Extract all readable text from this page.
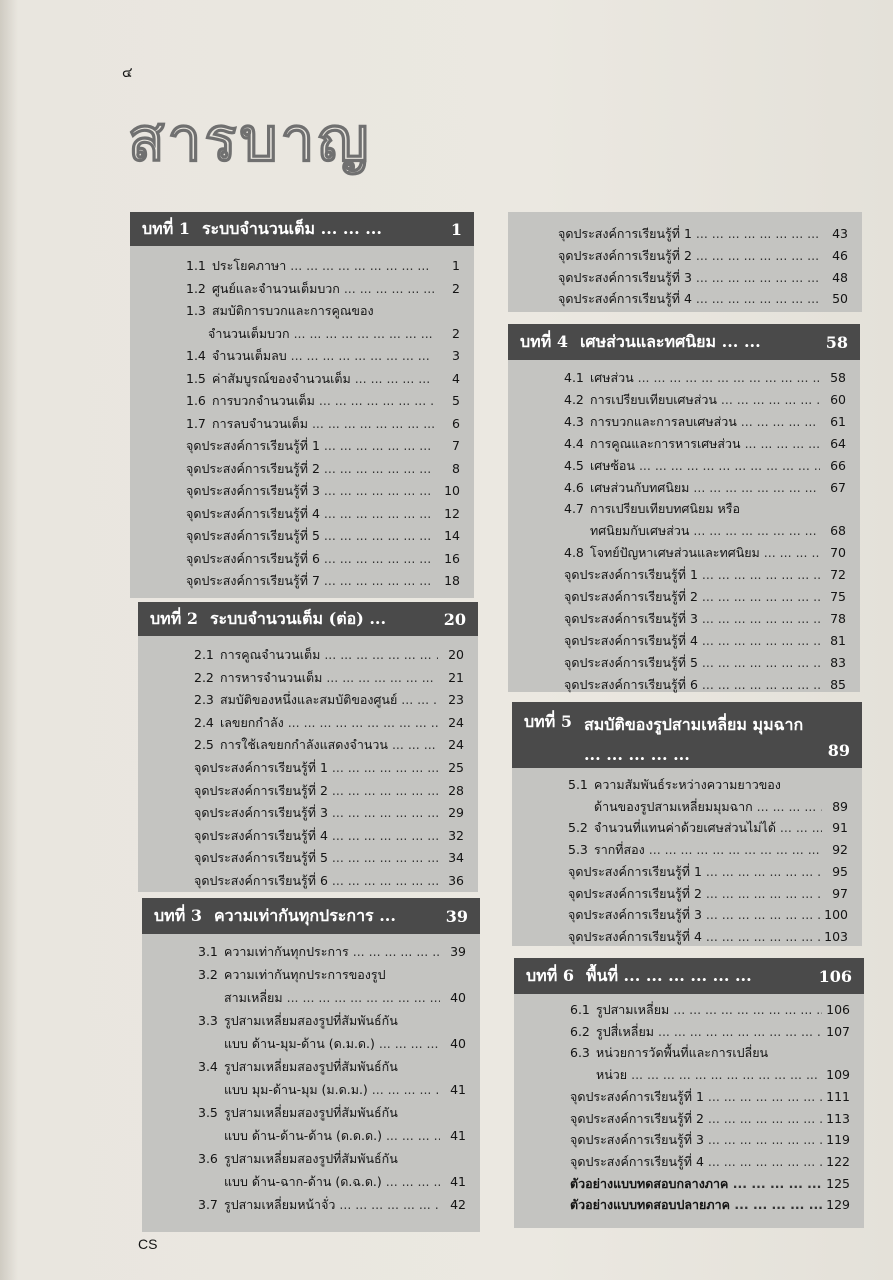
๔
สารบาญ
CS
บทที่ 1 ระบบจำนวนเต็ม ... ... ...	1
1.1 ประโยคภาษา ... .	1
1.2 ศูนย์และจำนวนเต็มบวก ... .	2
1.3 สมบัติการบวกและการคูณของ
จำนวนเต็มบวก ... .	2
1.4 จำนวนเต็มลบ ... .	3
1.5 ค่าสัมบูรณ์ของจำนวนเต็ม ... .	4
1.6 การบวกจำนวนเต็ม ... .	5
1.7 การลบจำนวนเต็ม ... .	6
จุดประสงค์การเรียนรู้ที่ 1 ... .	7
จุดประสงค์การเรียนรู้ที่ 2 ... .	8
จุดประสงค์การเรียนรู้ที่ 3 ... .	10
จุดประสงค์การเรียนรู้ที่ 4 ... .	12
จุดประสงค์การเรียนรู้ที่ 5 ... .	14
จุดประสงค์การเรียนรู้ที่ 6 ... .	16
จุดประสงค์การเรียนรู้ที่ 7 ... .	18
บทที่ 2 ระบบจำนวนเต็ม (ต่อ) ...	20
2.1 การคูณจำนวนเต็ม ... .	20
2.2 การหารจำนวนเต็ม ... .	21
2.3 สมบัติของหนึ่งและสมบัติของศูนย์ ... .	23
2.4 เลขยกกำลัง ... .	24
2.5 การใช้เลขยกกำลังแสดงจำนวน ... .	24
จุดประสงค์การเรียนรู้ที่ 1 ... .	25
จุดประสงค์การเรียนรู้ที่ 2 ... .	28
จุดประสงค์การเรียนรู้ที่ 3 ... .	29
จุดประสงค์การเรียนรู้ที่ 4 ... .	32
จุดประสงค์การเรียนรู้ที่ 5 ... .	34
จุดประสงค์การเรียนรู้ที่ 6 ... .	36
บทที่ 3 ความเท่ากันทุกประการ ...	39
3.1 ความเท่ากันทุกประการ ... .	39
3.2 ความเท่ากันทุกประการของรูป
สามเหลี่ยม ... .	40
3.3 รูปสามเหลี่ยมสองรูปที่สัมพันธ์กัน
แบบ ด้าน-มุม-ด้าน (ด.ม.ด.) ... .	40
3.4 รูปสามเหลี่ยมสองรูปที่สัมพันธ์กัน
แบบ มุม-ด้าน-มุม (ม.ด.ม.) ... .	41
3.5 รูปสามเหลี่ยมสองรูปที่สัมพันธ์กัน
แบบ ด้าน-ด้าน-ด้าน (ด.ด.ด.) ... .	41
3.6 รูปสามเหลี่ยมสองรูปที่สัมพันธ์กัน
แบบ ด้าน-ฉาก-ด้าน (ด.ฉ.ด.) ... .	41
3.7 รูปสามเหลี่ยมหน้าจั่ว ... .	42
จุดประสงค์การเรียนรู้ที่ 1 ... .	43
จุดประสงค์การเรียนรู้ที่ 2 ... .	46
จุดประสงค์การเรียนรู้ที่ 3 ... .	48
จุดประสงค์การเรียนรู้ที่ 4 ... .	50
บทที่ 4 เศษส่วนและทศนิยม ... ...	58
4.1 เศษส่วน ... .	58
4.2 การเปรียบเทียบเศษส่วน ... .	60
4.3 การบวกและการลบเศษส่วน ... .	61
4.4 การคูณและการหารเศษส่วน ... .	64
4.5 เศษซ้อน ... .	66
4.6 เศษส่วนกับทศนิยม ... .	67
4.7 การเปรียบเทียบทศนิยม หรือ
ทศนิยมกับเศษส่วน ... .	68
4.8 โจทย์ปัญหาเศษส่วนและทศนิยม ... .	70
จุดประสงค์การเรียนรู้ที่ 1 ... .	72
จุดประสงค์การเรียนรู้ที่ 2 ... .	75
จุดประสงค์การเรียนรู้ที่ 3 ... .	78
จุดประสงค์การเรียนรู้ที่ 4 ... .	81
จุดประสงค์การเรียนรู้ที่ 5 ... .	83
จุดประสงค์การเรียนรู้ที่ 6 ... .	85
บทที่ 5 สมบัติของรูปสามเหลี่ยม มุมฉาก ... ... ... ... ...	89
5.1 ความสัมพันธ์ระหว่างความยาวของ
ด้านของรูปสามเหลี่ยมมุมฉาก ... .	89
5.2 จำนวนที่แทนค่าด้วยเศษส่วนไม่ได้ ... .	91
5.3 รากที่สอง ... .	92
จุดประสงค์การเรียนรู้ที่ 1 ... .	95
จุดประสงค์การเรียนรู้ที่ 2 ... .	97
จุดประสงค์การเรียนรู้ที่ 3 ... .	100
จุดประสงค์การเรียนรู้ที่ 4 ... .	103
บทที่ 6 พื้นที่ ... ... ... ... ... ...	106
6.1 รูปสามเหลี่ยม ... .	106
6.2 รูปสี่เหลี่ยม ... .	107
6.3 หน่วยการวัดพื้นที่และการเปลี่ยน
หน่วย ... .	109
จุดประสงค์การเรียนรู้ที่ 1 ... .	111
จุดประสงค์การเรียนรู้ที่ 2 ... .	113
จุดประสงค์การเรียนรู้ที่ 3 ... .	119
จุดประสงค์การเรียนรู้ที่ 4 ... .	122
ตัวอย่างแบบทดสอบกลางภาค ... .	125
ตัวอย่างแบบทดสอบปลายภาค ... .	129
